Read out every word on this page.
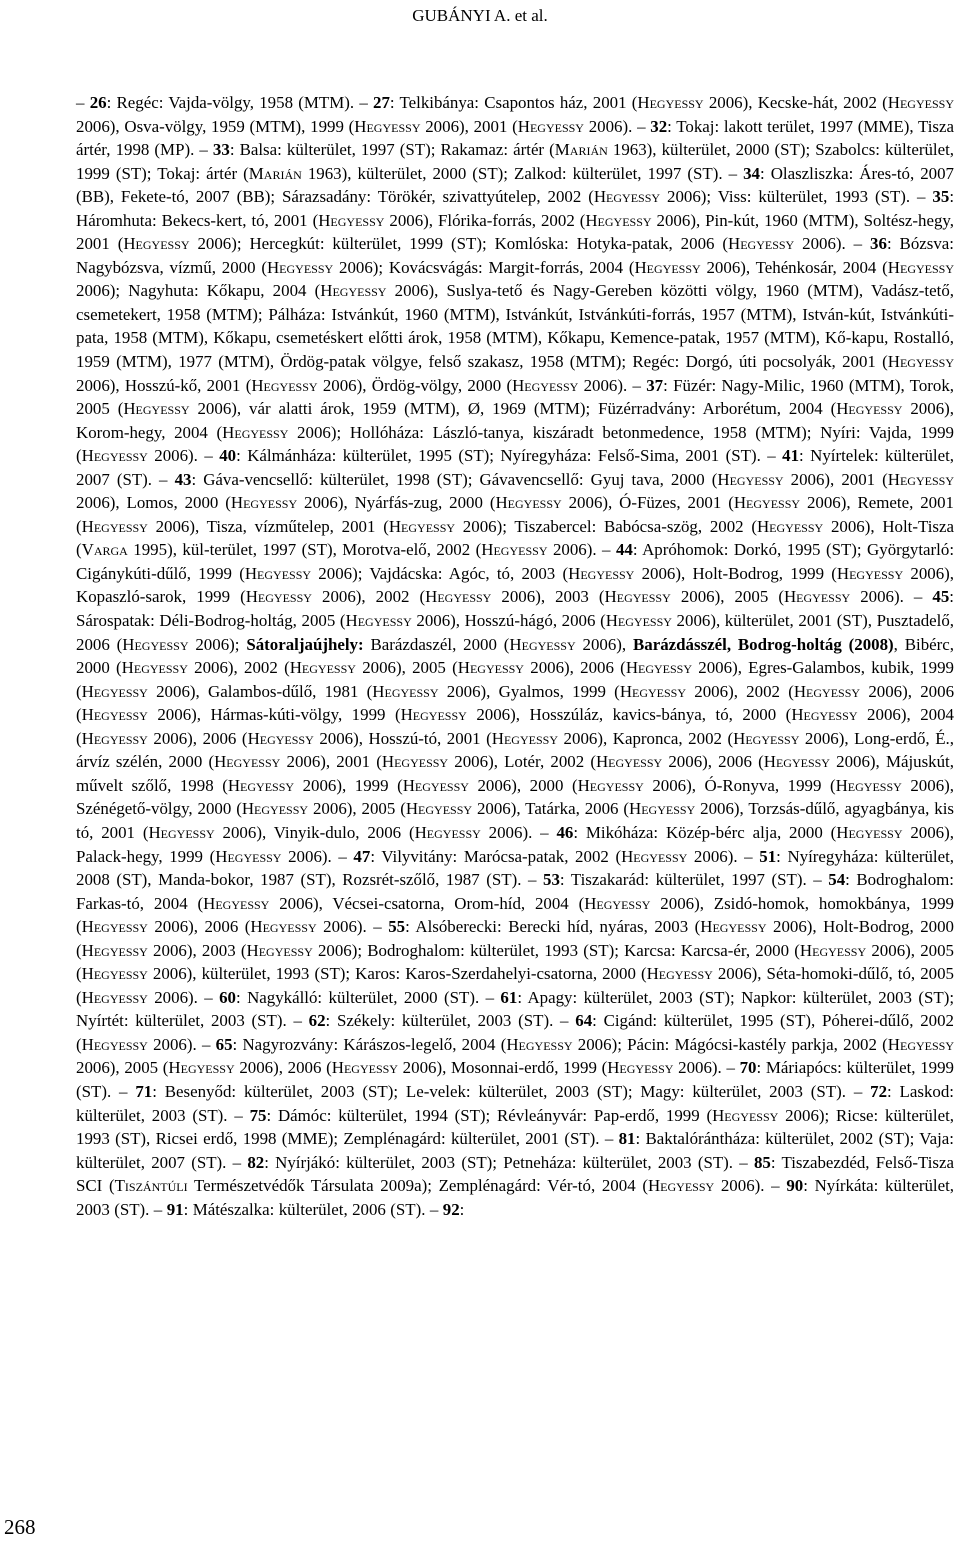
GUBÁNYI A. et al.

– 26: Regéc: Vajda-völgy, 1958 (MTM). – 27: Telkibánya: Csapontos ház, 2001 (Hegyessy 2006), Kecske-hát, 2002 (Hegyessy 2006), Osva-völgy, 1959 (MTM), 1999 (Hegyessy 2006), 2001 (Hegyessy 2006). – 32: Tokaj: lakott terület, 1997 (MME), Tisza ártér, 1998 (MP). – 33: Balsa: külterület, 1997 (ST); Rakamaz: ártér (Marián 1963), külterület, 2000 (ST); Szabolcs: külterület, 1999 (ST); Tokaj: ártér (Marián 1963), külterület, 2000 (ST); Zalkod: külterület, 1997 (ST). – 34: Olaszliszka: Áres-tó, 2007 (BB), Fekete-tó, 2007 (BB); Sárazsadány: Törökér, szivattyútelep, 2002 (Hegyessy 2006); Viss: külterület, 1993 (ST). – 35: Háromhuta: Bekecs-kert, tó, 2001 (Hegyessy 2006), Flórika-forrás, 2002 (Hegyessy 2006), Pin-kút, 1960 (MTM), Soltész-hegy, 2001 (Hegyessy 2006); Hercegkút: külterület, 1999 (ST); Komlóska: Hotyka-patak, 2006 (Hegyessy 2006). – 36: Bózsva: Nagybózsva, vízmű, 2000 (Hegyessy 2006); Kovácsvágás: Margit-forrás, 2004 (Hegyessy 2006), Tehénkosár, 2004 (Hegyessy 2006); Nagyhuta: Kőkapu, 2004 (Hegyessy 2006), Suslya-tető és Nagy-Gereben közötti völgy, 1960 (MTM), Vadász-tető, csemetekert, 1958 (MTM); Pálháza: Istvánkút, 1960 (MTM), Istvánkút, Istvánkúti-forrás, 1957 (MTM), István-kút, Istvánkúti-pata, 1958 (MTM), Kőkapu, csemetéskert előtti árok, 1958 (MTM), Kőkapu, Kemence-patak, 1957 (MTM), Kő-kapu, Rostalló, 1959 (MTM), 1977 (MTM), Ördög-patak völgye, felső szakasz, 1958 (MTM); Regéc: Dorgó, úti pocsolyák, 2001 (Hegyessy 2006), Hosszú-kő, 2001 (Hegyessy 2006), Ördög-völgy, 2000 (Hegyessy 2006). – 37: Füzér: Nagy-Milic, 1960 (MTM), Torok, 2005 (Hegyessy 2006), vár alatti árok, 1959 (MTM), Ø, 1969 (MTM); Füzérradvány: Arborétum, 2004 (Hegyessy 2006), Korom-hegy, 2004 (Hegyessy 2006); Hollóháza: László-tanya, kiszáradt betonmedence, 1958 (MTM); Nyíri: Vajda, 1999 (Hegyessy 2006). – 40: Kálmánháza: külterület, 1995 (ST); Nyíregyháza: Felső-Sima, 2001 (ST). – 41: Nyírtelek: külterület, 2007 (ST). – 43: Gáva-vencsellő: külterület, 1998 (ST); Gávavencsellő: Gyuj tava, 2000 (Hegyessy 2006), 2001 (Hegyessy 2006), Lomos, 2000 (Hegyessy 2006), Nyárfás-zug, 2000 (Hegyessy 2006), Ó-Füzes, 2001 (Hegyessy 2006), Remete, 2001 (Hegyessy 2006), Tisza, vízműtelep, 2001 (Hegyessy 2006); Tiszabercel: Babócsa-szög, 2002 (Hegyessy 2006), Holt-Tisza (Varga 1995), kül-terület, 1997 (ST), Morotva-elő, 2002 (Hegyessy 2006). – 44: Apróhomok: Dorkó, 1995 (ST); Györgytarló: Cigánykúti-dűlő, 1999 (Hegyessy 2006); Vajdácska: Agóc, tó, 2003 (Hegyessy 2006), Holt-Bodrog, 1999 (Hegyessy 2006), Kopaszló-sarok, 1999 (Hegyessy 2006), 2002 (Hegyessy 2006), 2003 (Hegyessy 2006), 2005 (Hegyessy 2006). – 45: Sárospatak: Déli-Bodrog-holtág, 2005 (Hegyessy 2006), Hosszú-hágó, 2006 (Hegyessy 2006), külterület, 2001 (ST), Pusztadelő, 2006 (Hegyessy 2006); Sátoraljaújhely: Barázdaszél, 2000 (Hegyessy 2006), Barázdásszél, Bodrog-holtág (2008), Bibérc, 2000 (Hegyessy 2006), 2002 (Hegyessy 2006), 2005 (Hegyessy 2006), 2006 (Hegyessy 2006), Egres-Galambos, kubik, 1999 (Hegyessy 2006), Galambos-dűlő, 1981 (Hegyessy 2006), Gyalmos, 1999 (Hegyessy 2006), 2002 (Hegyessy 2006), 2006 (Hegyessy 2006), Hármas-kúti-völgy, 1999 (Hegyessy 2006), Hosszúláz, kavics-bánya, tó, 2000 (Hegyessy 2006), 2004 (Hegyessy 2006), 2006 (Hegyessy 2006), Hosszú-tó, 2001 (Hegyessy 2006), Kapronca, 2002 (Hegyessy 2006), Long-erdő, É., árvíz szélén, 2000 (Hegyessy 2006), 2001 (Hegyessy 2006), Lotér, 2002 (Hegyessy 2006), 2006 (Hegyessy 2006), Májuskút, művelt szőlő, 1998 (Hegyessy 2006), 1999 (Hegyessy 2006), 2000 (Hegyessy 2006), Ó-Ronyva, 1999 (Hegyessy 2006), Szénégető-völgy, 2000 (Hegyessy 2006), 2005 (Hegyessy 2006), Tatárka, 2006 (Hegyessy 2006), Torzsás-dűlő, agyagbánya, kis tó, 2001 (Hegyessy 2006), Vinyik-dulo, 2006 (Hegyessy 2006). – 46: Mikóháza: Közép-bérc alja, 2000 (Hegyessy 2006), Palack-hegy, 1999 (Hegyessy 2006). – 47: Vilyvitány: Marócsa-patak, 2002 (Hegyessy 2006). – 51: Nyíregyháza: külterület, 2008 (ST), Manda-bokor, 1987 (ST), Rozsrét-szőlő, 1987 (ST). – 53: Tiszakarád: külterület, 1997 (ST). – 54: Bodroghalom: Farkas-tó, 2004 (Hegyessy 2006), Vécsei-csatorna, Orom-híd, 2004 (Hegyessy 2006), Zsidó-homok, homokbánya, 1999 (Hegyessy 2006), 2006 (Hegyessy 2006). – 55: Alsóberecki: Berecki híd, nyáras, 2003 (Hegyessy 2006), Holt-Bodrog, 2000 (Hegyessy 2006), 2003 (Hegyessy 2006); Bodroghalom: külterület, 1993 (ST); Karcsa: Karcsa-ér, 2000 (Hegyessy 2006), 2005 (Hegyessy 2006), külterület, 1993 (ST); Karos: Karos-Szerdahelyi-csatorna, 2000 (Hegyessy 2006), Séta-homoki-dűlő, tó, 2005 (Hegyessy 2006). – 60: Nagykálló: külterület, 2000 (ST). – 61: Apagy: külterület, 2003 (ST); Napkor: külterület, 2003 (ST); Nyírtét: külterület, 2003 (ST). – 62: Székely: külterület, 2003 (ST). – 64: Cigánd: külterület, 1995 (ST), Póherei-dűlő, 2002 (Hegyessy 2006). – 65: Nagyrozvány: Kárászos-legelő, 2004 (Hegyessy 2006); Pácin: Mágócsi-kastély parkja, 2002 (Hegyessy 2006), 2005 (Hegyessy 2006), 2006 (Hegyessy 2006), Mosonnai-erdő, 1999 (Hegyessy 2006). – 70: Máriapócs: külterület, 1999 (ST). – 71: Besenyőd: külterület, 2003 (ST); Le-velek: külterület, 2003 (ST); Magy: külterület, 2003 (ST). – 72: Laskod: külterület, 2003 (ST). – 75: Dámóc: külterület, 1994 (ST); Révleányvár: Pap-erdő, 1999 (Hegyessy 2006); Ricse: külterület, 1993 (ST), Ricsei erdő, 1998 (MME); Zemplénagárd: külterület, 2001 (ST). – 81: Baktalórántháza: külterület, 2002 (ST); Vaja: külterület, 2007 (ST). – 82: Nyírjákó: külterület, 2003 (ST); Petneháza: külterület, 2003 (ST). – 85: Tiszabezdéd, Felső-Tisza SCI (Tiszántúli Természetvédők Társulata 2009a); Zemplénagárd: Vér-tó, 2004 (Hegyessy 2006). – 90: Nyírkáta: külterület, 2003 (ST). – 91: Mátészalka: külterület, 2006 (ST). – 92:

268
